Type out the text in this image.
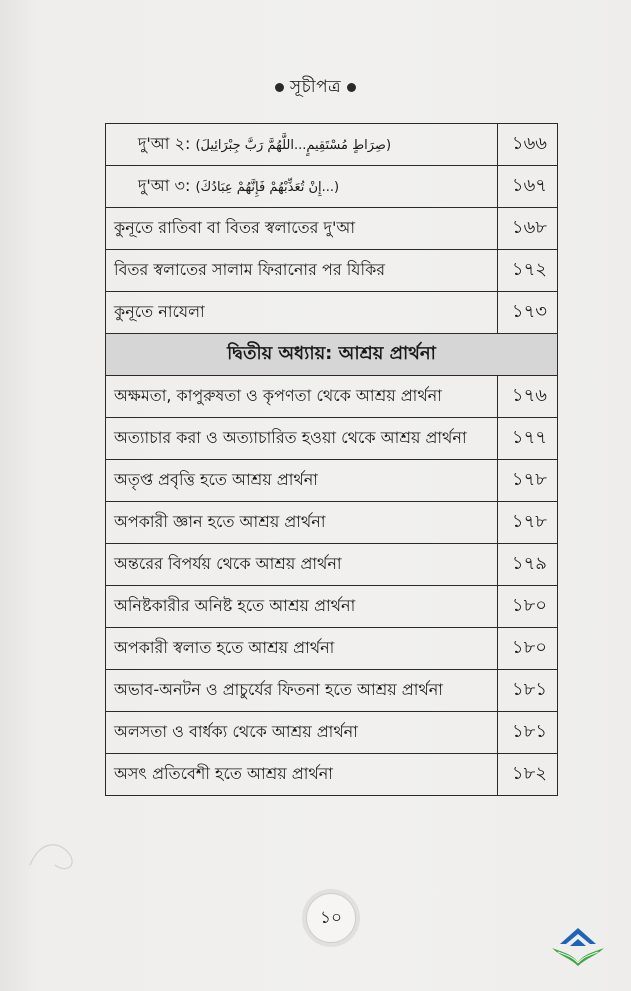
সূচীপত্র
দু'আ ২: (صِرَاطٍ مُسْتَقِيمٍ...اللَّهُمَّ رَبَّ جِبْرَائِيلَ)	১৬৬
দু'আ ৩: (إِنْ تُعَذِّبْهُمْ فَإِنَّهُمْ عِبَادُكَ...)	১৬৭
কুনূতে রাতিবা বা বিতর স্বলাতের দু'আ	১৬৮
বিতর স্বলাতের সালাম ফিরানোর পর যিকির	১৭২
কুনূতে নাযেলা	১৭৩
দ্বিতীয় অধ্যায়: আশ্রয় প্রার্থনা	
অক্ষমতা, কাপুরুষতা ও কৃপণতা থেকে আশ্রয় প্রার্থনা	১৭৬
অত্যাচার করা ও অত্যাচারিত হওয়া থেকে আশ্রয় প্রার্থনা	১৭৭
অতৃপ্ত প্রবৃত্তি হতে আশ্রয় প্রার্থনা	১৭৮
অপকারী জ্ঞান হতে আশ্রয় প্রার্থনা	১৭৮
অন্তরের বিপর্যয় থেকে আশ্রয় প্রার্থনা	১৭৯
অনিষ্টকারীর অনিষ্ট হতে আশ্রয় প্রার্থনা	১৮০
অপকারী স্বলাত হতে আশ্রয় প্রার্থনা	১৮০
অভাব-অনটন ও প্রাচুর্যের ফিতনা হতে আশ্রয় প্রার্থনা	১৮১
অলসতা ও বার্ধক্য থেকে আশ্রয় প্রার্থনা	১৮১
অসৎ প্রতিবেশী হতে আশ্রয় প্রার্থনা	১৮২
১০
